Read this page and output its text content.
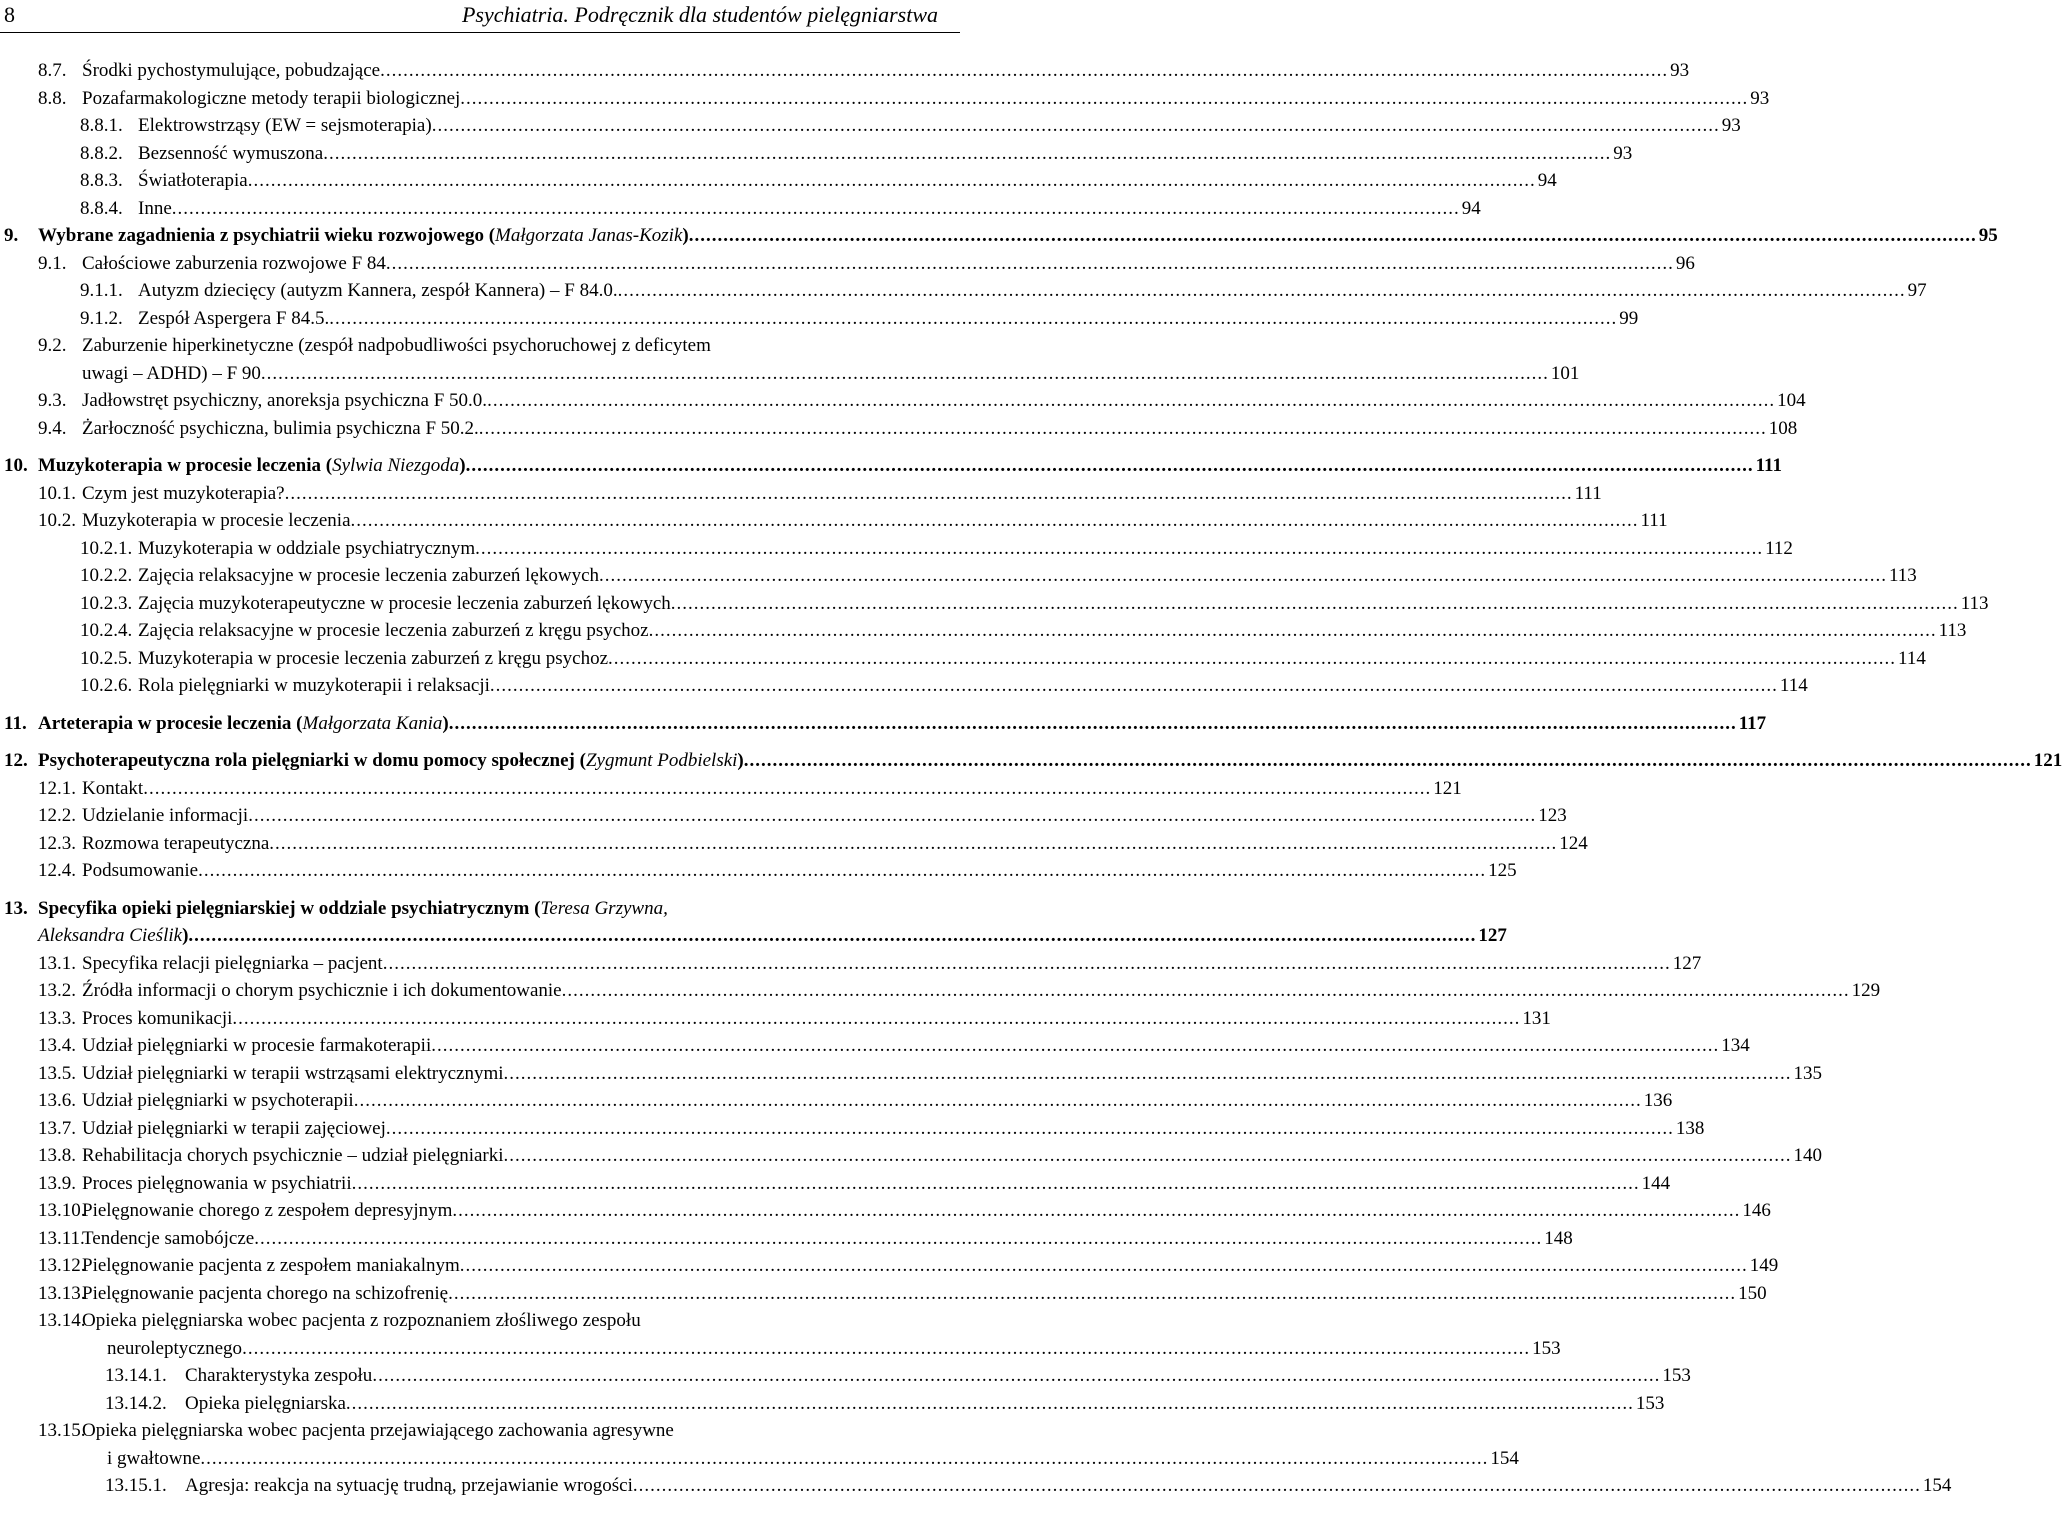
8	Psychiatria. Podręcznik dla studentów pielęgniarstwa
8.7. Środki pychostymulujące, pobudzające .....	93
8.8. Pozafarmakologiczne metody terapii biologicznej .....	93
8.8.1. Elektrowstrząsy (EW = sejsmoterapia) .....	93
8.8.2. Bezsenność wymuszona .....	93
8.8.3. Światłoterapia .....	94
8.8.4. Inne .....	94
9. Wybrane zagadnienia z psychiatrii wieku rozwojowego ( Małgorzata Janas-Kozik ) .....	95
9.1. Całościowe zaburzenia rozwojowe F 84 .....	96
9.1.1. Autyzm dziecięcy (autyzm Kannera, zespół Kannera) – F 84.0. .....	97
9.1.2. Zespół Aspergera F 84.5. .....	99
9.2. Zaburzenie hiperkinetyczne (zespół nadpobudliwości psychoruchowej z deficytem
uwagi – ADHD) – F 90 .....	101
9.3. Jadłowstręt psychiczny, anoreksja psychiczna F 50.0. .....	104
9.4. Żarłoczność psychiczna, bulimia psychiczna F 50.2. .....	108
10. Muzykoterapia w procesie leczenia ( Sylwia Niezgoda ) .....	111
10.1. Czym jest muzykoterapia? .....	111
10.2. Muzykoterapia w procesie leczenia .....	111
10.2.1. Muzykoterapia w oddziale psychiatrycznym .....	112
10.2.2. Zajęcia relaksacyjne w procesie leczenia zaburzeń lękowych .....	113
10.2.3. Zajęcia muzykoterapeutyczne w procesie leczenia zaburzeń lękowych .....	113
10.2.4. Zajęcia relaksacyjne w procesie leczenia zaburzeń z kręgu psychoz .....	113
10.2.5. Muzykoterapia w procesie leczenia zaburzeń z kręgu psychoz .....	114
10.2.6. Rola pielęgniarki w muzykoterapii i relaksacji .....	114
11. Arteterapia w procesie leczenia ( Małgorzata Kania ) .....	117
12. Psychoterapeutyczna rola pielęgniarki w domu pomocy społecznej ( Zygmunt Podbielski ) .....	121
12.1. Kontakt .....	121
12.2. Udzielanie informacji .....	123
12.3. Rozmowa terapeutyczna .....	124
12.4. Podsumowanie .....	125
13. Specyfika opieki pielęgniarskiej w oddziale psychiatrycznym ( Teresa Grzywna,
Aleksandra Cieślik ) .....	127
13.1. Specyfika relacji pielęgniarka – pacjent .....	127
13.2. Źródła informacji o chorym psychicznie i ich dokumentowanie .....	129
13.3. Proces komunikacji .....	131
13.4. Udział pielęgniarki w procesie farmakoterapii .....	134
13.5. Udział pielęgniarki w terapii wstrząsami elektrycznymi .....	135
13.6. Udział pielęgniarki w psychoterapii .....	136
13.7. Udział pielęgniarki w terapii zajęciowej .....	138
13.8. Rehabilitacja chorych psychicznie – udział pielęgniarki .....	140
13.9. Proces pielęgnowania w psychiatrii .....	144
13.10.
Pielęgnowanie chorego z zespołem depresyjnym .....	146
13.11.
Tendencje samobójcze .....	148
13.12.
Pielęgnowanie pacjenta z zespołem maniakalnym .....	149
13.13.
Pielęgnowanie pacjenta chorego na schizofrenię .....	150
13.14.
Opieka pielęgniarska wobec pacjenta z rozpoznaniem złośliwego zespołu
neuroleptycznego .....	153
13.14.1. Charakterystyka zespołu .....	153
13.14.2. Opieka pielęgniarska .....	153
13.15.
Opieka pielęgniarska wobec pacjenta przejawiającego zachowania agresywne
i gwałtowne .....	154
13.15.1. Agresja: reakcja na sytuację trudną, przejawianie wrogości .....	154
